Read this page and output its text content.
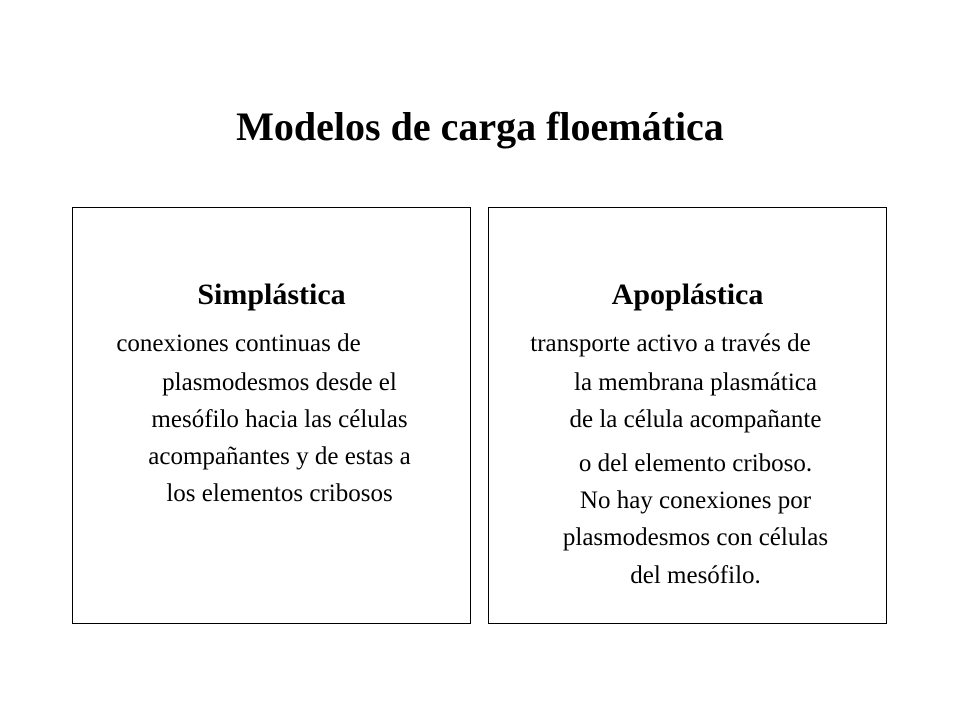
Modelos de carga floemática
Simplástica
conexiones continuas de
plasmodesmos desde el
mesófilo hacia las células
acompañantes y de estas a
los elementos cribosos
Apoplástica
transporte activo a través de
la membrana plasmática
de la célula acompañante
o del elemento criboso.
No hay conexiones por
plasmodesmos con células
del mesófilo.
